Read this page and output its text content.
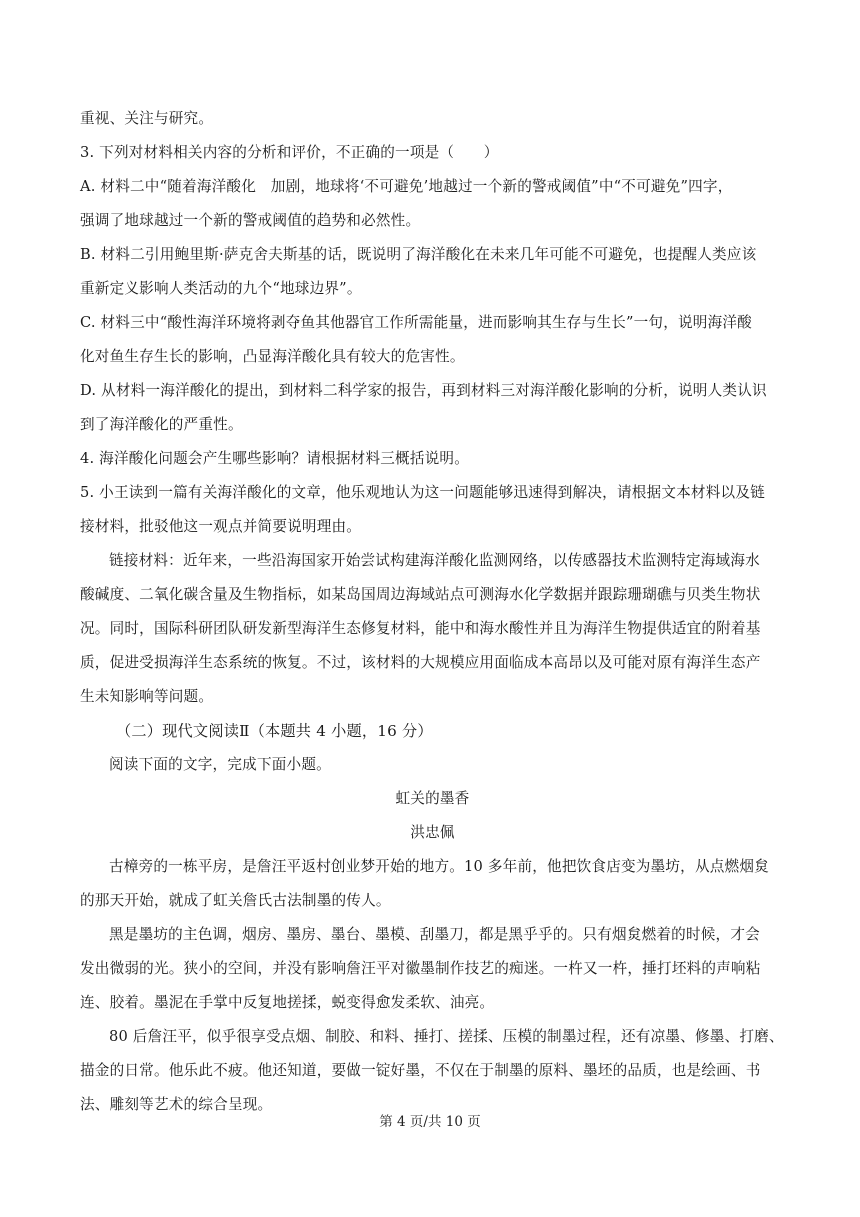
重视、关注与研究。

3. 下列对材料相关内容的分析和评价，不正确的一项是（　　）

A. 材料二中“随着海洋酸化　加剧，地球将‘不可避免’地越过一个新的警戒阈值”中“不可避免”四字，

强调了地球越过一个新的警戒阈值的趋势和必然性。

B. 材料二引用鲍里斯·萨克舍夫斯基的话，既说明了海洋酸化在未来几年可能不可避免，也提醒人类应该

重新定义影响人类活动的九个“地球边界”。

C. 材料三中“酸性海洋环境将剥夺鱼其他器官工作所需能量，进而影响其生存与生长”一句，说明海洋酸

化对鱼生存生长的影响，凸显海洋酸化具有较大的危害性。

D. 从材料一海洋酸化的提出，到材料二科学家的报告，再到材料三对海洋酸化影响的分析，说明人类认识

到了海洋酸化的严重性。

4. 海洋酸化问题会产生哪些影响？请根据材料三概括说明。

5. 小王读到一篇有关海洋酸化的文章，他乐观地认为这一问题能够迅速得到解决，请根据文本材料以及链

接材料，批驳他这一观点并简要说明理由。

链接材料：近年来，一些沿海国家开始尝试构建海洋酸化监测网络，以传感器技术监测特定海域海水

酸碱度、二氧化碳含量及生物指标，如某岛国周边海域站点可测海水化学数据并跟踪珊瑚礁与贝类生物状

况。同时，国际科研团队研发新型海洋生态修复材料，能中和海水酸性并且为海洋生物提供适宜的附着基

质，促进受损海洋生态系统的恢复。不过，该材料的大规模应用面临成本高昂以及可能对原有海洋生态产

生未知影响等问题。

（二）现代文阅读Ⅱ（本题共 4 小题，16 分）

阅读下面的文字，完成下面小题。

虹关的墨香

洪忠佩

古樟旁的一栋平房，是詹汪平返村创业梦开始的地方。10 多年前，他把饮食店变为墨坊，从点燃烟炱

的那天开始，就成了虹关詹氏古法制墨的传人。

黑是墨坊的主色调，烟房、墨房、墨台、墨模、刮墨刀，都是黑乎乎的。只有烟炱燃着的时候，才会

发出微弱的光。狭小的空间，并没有影响詹汪平对徽墨制作技艺的痴迷。一杵又一杵，捶打坯料的声响粘

连、胶着。墨泥在手掌中反复地搓揉，蜕变得愈发柔软、油亮。

80 后詹汪平，似乎很享受点烟、制胶、和料、捶打、搓揉、压模的制墨过程，还有凉墨、修墨、打磨、

描金的日常。他乐此不疲。他还知道，要做一锭好墨，不仅在于制墨的原料、墨坯的品质，也是绘画、书

法、雕刻等艺术的综合呈现。

第 4 页/共 10 页
